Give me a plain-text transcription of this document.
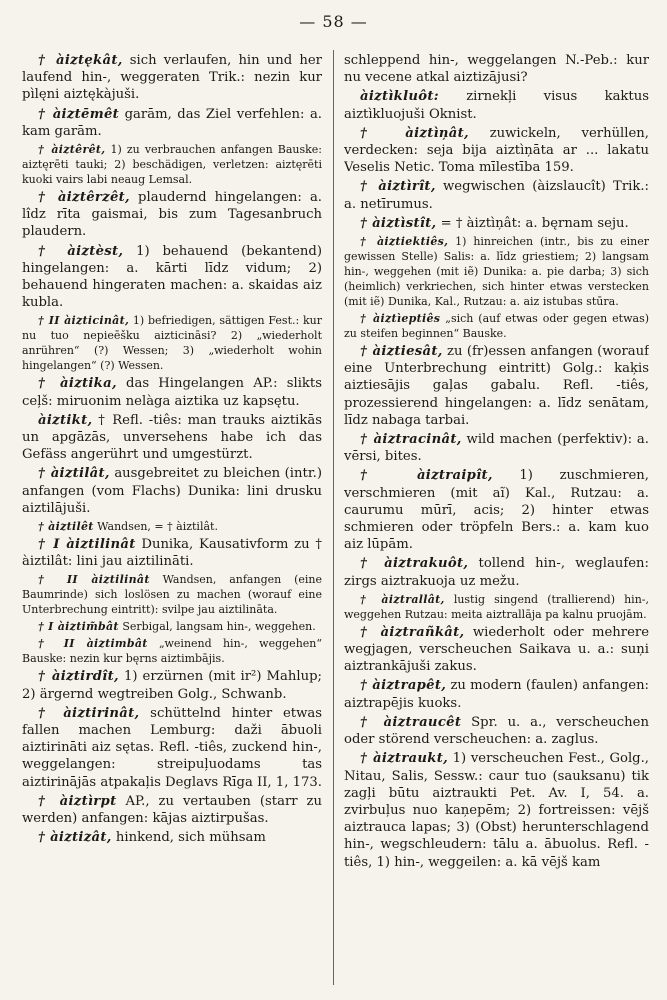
— 58 —
† àiztękât, sich verlaufen, hin und her laufend hin-, weggeraten Trik.: nezin kur pìlęni aiztękàjuši.
† àiztēmêt garām, das Ziel verfehlen: a. kam garām.
† àiztêrêt, 1) zu verbrauchen anfangen Bauske: aiztęrēti tauki; 2) beschädigen, verletzen: aiztęrēti kuoki vairs labi neaug Lemsal.
† àiztêrzêt, plaudernd hingelangen: a. lîdz rīta gaismai, bis zum Tagesanbruch plaudern.
† àiztèst, 1) behauend (bekantend) hingelangen: a. kārti līdz vidum; 2) behauend hingeraten machen: a. skaidas aiz kubla.
† II àizticinât, 1) befriedigen, sättigen Fest.: kur nu tuo nepieēšku aizticināsi? 2) „wiederholt anrühren“ (?) Wessen; 3) „wiederholt wohin hingelangen“ (?) Wessen.
† àiztika, das Hingelangen AP.: slikts ceļš: miruonim nelàga aiztika uz kapsętu.
àiztikt, † Refl. -tiês: man trauks aiztikās un apgāzās, unversehens habe ich das Gefäss angerührt und umgestürzt.
† àiztilât, ausgebreitet zu bleichen (intr.) anfangen (vom Flachs) Dunika: lini drusku aiztilājuši.
† àiztilêt Wandsen, = † àiztilât.
† I àiztilinât Dunika, Kausativform zu † àiztilât: lini jau aiztilināti.
† II àiztilinât Wandsen, anfangen (eine Baumrinde) sich loslösen zu machen (worauf eine Unterbrechung eintritt): svilpe jau aiztilināta.
† I àiztim̃bât Serbigal, langsam hin-, weggehen.
† II àiztimbât „weinend hin-, weggehen“ Bauske: nezin kur bęrns aiztimbājis.
† àiztirdît, 1) erzürnen (mit ir²) Mahlup; 2) ärgernd wegtreiben Golg., Schwanb.
† àiztirinât, schüttelnd hinter etwas fallen machen Lemburg: daži ābuoli aiztirināti aiz sętas. Refl. -tiês, zuckend hin-, weggelangen: streipuļuodams tas aiztirinājās atpakaļis Deglavs Rīga II, 1, 173.
† àiztìrpt AP., zu vertauben (starr zu werden) anfangen: kājas aiztirpušas.
† àiztizât, hinkend, sich mühsam
schleppend hin-, weggelangen N.-Peb.: kur nu vecene atkal aiztizājusi?
àiztìkluôt: zirnekļi visus kaktus aiztìkluojuši Oknist.
† àiztìņât, zuwickeln, verhüllen, verdecken: seja bija aiztìņāta ar ... lakatu Veselis Netic. Toma mīlestība 159.
† àiztìrît, wegwischen (àizslaucît) Trik.: a. netīrumus.
† àiztìstît, = † àiztìņât: a. bęrnam seju.
† àiztiektiês, 1) hinreichen (intr., bis zu einer gewissen Stelle) Salis: a. līdz griestiem; 2) langsam hin-, weggehen (mit iẽ) Dunika: a. pie darba; 3) sich (heimlich) verkriechen, sich hinter etwas verstecken (mit iẽ) Dunika, Kal., Rutzau: a. aiz istubas stūra.
† àiztìeptiês „sich (auf etwas oder gegen etwas) zu steifen beginnen“ Bauske.
† àiztiesât, zu (fr)essen anfangen (worauf eine Unterbrechung eintritt) Golg.: kaķis aiztiesājis gaļas gabalu. Refl. -tiês, prozessierend hingelangen: a. līdz senātam, līdz nabaga tarbai.
† àiztracinât, wild machen (perfektiv): a. vērsi, bites.
† àiztraipît, 1) zuschmieren, verschmieren (mit aĩ) Kal., Rutzau: a. caurumu mūrī, acis; 2) hinter etwas schmieren oder tröpfeln Bers.: a. kam kuo aiz lūpām.
† àiztrakuôt, tollend hin-, weglaufen: zirgs aiztrakuoja uz mežu.
† àiztrallât, lustig singend (trallierend) hin-, weggehen Rutzau: meita aiztrallāja pa kalnu pruojām.
† àiztrañkât, wiederholt oder mehrere wegjagen, verscheuchen Saikava u. a.: suņi aiztrankājuši zakus.
† àiztrapêt, zu modern (faulen) anfangen: aiztrapējis kuoks.
† àiztraucêt Spr. u. a., verscheuchen oder störend verscheuchen: a. zaglus.
† àiztraukt, 1) verscheuchen Fest., Golg., Nitau, Salis, Sessw.: caur tuo (sauksanu) tik zagļi būtu aiztraukti Pet. Av. I, 54. a. zvirbuļus nuo kaņepēm; 2) fortreissen: vējš aiztrauca lapas; 3) (Obst) herunterschlagend hin-, wegschleudern: tālu a. ābuolus. Refl. -tiês, 1) hin-, weggeilen: a. kā vējš kam
